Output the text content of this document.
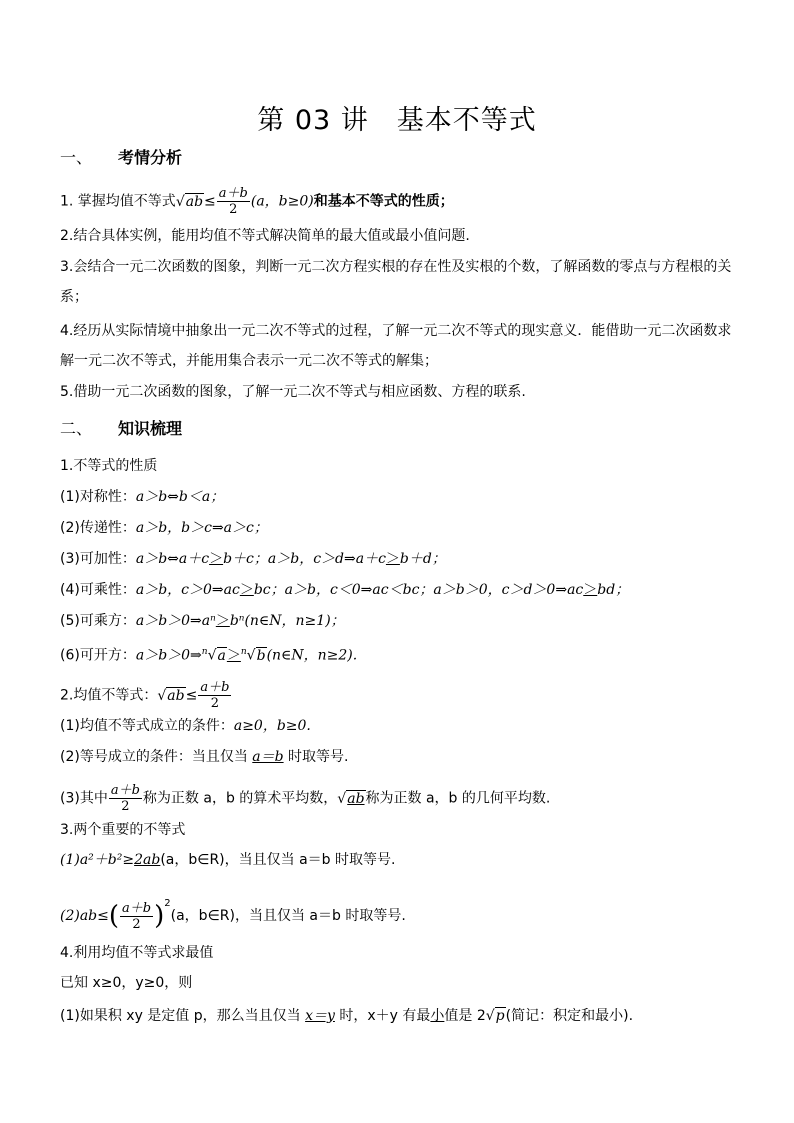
第 03 讲　基本不等式
一、 考情分析
1. 掌握均值不等式$√ab\le \frac{a+b}{2} (a$，b≥0)和基本不等式的性质；
2.结合具体实例，能用均值不等式解决简单的最大值或最小值问题.
3.会结合一元二次函数的图象，判断一元二次方程实根的存在性及实根的个数，了解函数的零点与方程根的关系；
4.经历从实际情境中抽象出一元二次不等式的过程，了解一元二次不等式的现实意义．能借助一元二次函数求解一元二次不等式，并能用集合表示一元二次不等式的解集；
5.借助一元二次函数的图象，了解一元二次不等式与相应函数、方程的联系.
二、 知识梳理
1.不等式的性质
(1)对称性：a＞b⇔b＜a；
(2)传递性：a＞b，b＞c⇒a＞c；
(3)可加性：a＞b⇔a＋c＞b＋c；a＞b，c＞d⇒a＋c＞b＋d；
(4)可乘性：a＞b，c＞0⇒ac＞bc；a＞b，c＜0⇒ac＜bc；a＞b＞0，c＞d＞0⇒ac＞bd；
(5)可乘方：a＞b＞0⇒aⁿ＞bⁿ(n∈N，n≥1)；
(6)可开方：a＞b＞0⇒$^n$√a＞$^n$√b(n∈N，n≥2).
2.均值不等式：$√ab\le \frac{a+b}{2}$
(1)均值不等式成立的条件：a≥0，b≥0.
(2)等号成立的条件：当且仅当 a＝b 时取等号.
(3)其中 $\frac{a+b}{2}$ 称为正数 a，b 的算术平均数，√ab称为正数 a，b 的几何平均数.
3.两个重要的不等式
(1)a²＋b²≥2ab(a，b∈R)，当且仅当 a＝b 时取等号.
$(2)ab\le( \frac{a+b}{2} )^2(a$，b∈R)，当且仅当 a＝b 时取等号.
4.利用均值不等式求最值
已知 x≥0，y≥0，则
(1)如果积 xy 是定值 p，那么当且仅当 x＝y 时，x＋y 有最小值是 2√p(简记：积定和最小).
